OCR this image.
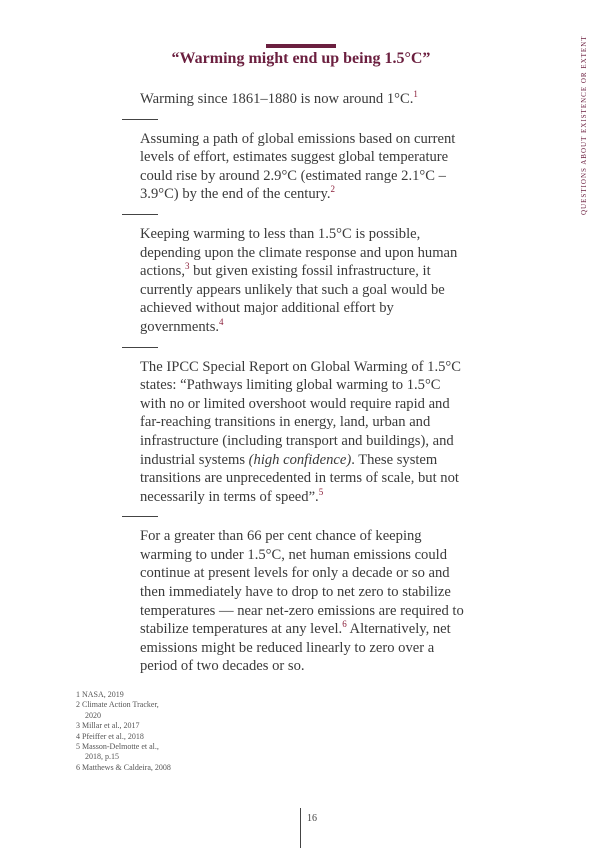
QUESTIONS ABOUT EXISTENCE OR EXTENT
“Warming might end up being 1.5°C”
Warming since 1861–1880 is now around 1°C.$^1$
Assuming a path of global emissions based on current levels of effort, estimates suggest global temperature could rise by around 2.9°C (estimated range 2.1°C – 3.9°C) by the end of the century.$^2$
Keeping warming to less than 1.5°C is possible, depending upon the climate response and upon human actions,$^3$ but given existing fossil infrastructure, it currently appears unlikely that such a goal would be achieved without major additional effort by governments.$^4$
The IPCC Special Report on Global Warming of 1.5°C states: “Pathways limiting global warming to 1.5°C with no or limited overshoot would require rapid and far-reaching transitions in energy, land, urban and infrastructure (including transport and buildings), and industrial systems (high confidence). These system transitions are unprecedented in terms of scale, but not necessarily in terms of speed”.$^5$
For a greater than 66 per cent chance of keeping warming to under 1.5°C, net human emissions could continue at present levels for only a decade or so and then immediately have to drop to net zero to stabilize temperatures — near net-zero emissions are required to stabilize temperatures at any level.$^6$ Alternatively, net emissions might be reduced linearly to zero over a period of two decades or so.
1 NASA, 2019
2 Climate Action Tracker, 2020
3 Millar et al., 2017
4 Pfeiffer et al., 2018
5 Masson-Delmotte et al., 2018, p.15
6 Matthews & Caldeira, 2008
16
